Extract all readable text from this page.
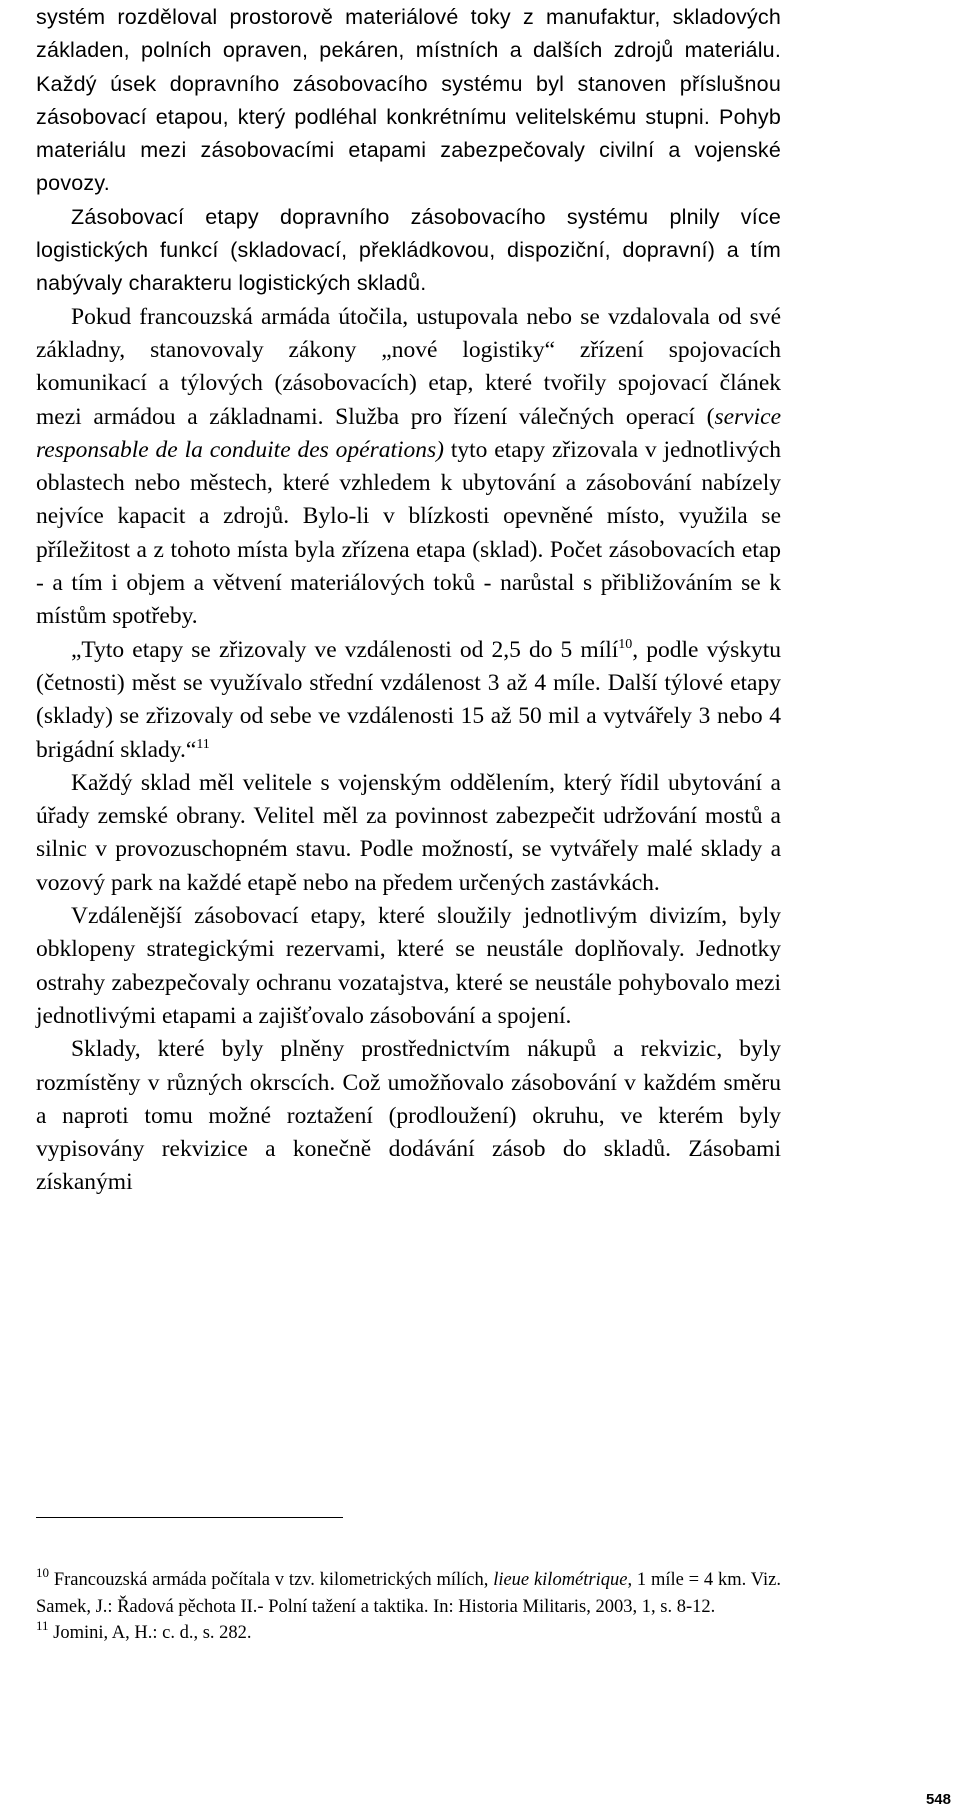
systém rozděloval prostorově materiálové toky z manufaktur, skladových základen, polních opraven, pekáren, místních a dalších zdrojů materiálu. Každý úsek dopravního zásobovacího systému byl stanoven příslušnou zásobovací etapou, který podléhal konkrétnímu velitelskému stupni. Pohyb materiálu mezi zásobovacími etapami zabezpečovaly civilní a vojenské povozy.

Zásobovací etapy dopravního zásobovacího systému plnily více logistických funkcí (skladovací, překládkovou, dispoziční, dopravní) a tím nabývaly charakteru logistických skladů.

Pokud francouzská armáda útočila, ustupovala nebo se vzdalovala od své základny, stanovovaly zákony „nové logistiky“ zřízení spojovacích komunikací a týlových (zásobovacích) etap, které tvořily spojovací článek mezi armádou a základnami. Služba pro řízení válečných operací (service responsable de la conduite des opérations) tyto etapy zřizovala v jednotlivých oblastech nebo městech, které vzhledem k ubytování a zásobování nabízely nejvíce kapacit a zdrojů. Bylo-li v blízkosti opevněné místo, využila se příležitost a z tohoto místa byla zřízena etapa (sklad). Počet zásobovacích etap - a tím i objem a větvení materiálových toků - narůstal s přibližováním se k místům spotřeby.

„Tyto etapy se zřizovaly ve vzdálenosti od 2,5 do 5 mílí$^{10}$, podle výskytu (četnosti) měst se využívalo střední vzdálenost 3 až 4 míle. Další týlové etapy (sklady) se zřizovaly od sebe ve vzdálenosti 15 až 50 mil a vytvářely 3 nebo 4 brigádní sklady.“$^{11}$

Každý sklad měl velitele s vojenským oddělením, který řídil ubytování a úřady zemské obrany. Velitel měl za povinnost zabezpečit udržování mostů a silnic v provozuschopném stavu. Podle možností, se vytvářely malé sklady a vozový park na každé etapě nebo na předem určených zastávkách.

Vzdálenější zásobovací etapy, které sloužily jednotlivým divizím, byly obklopeny strategickými rezervami, které se neustále doplňovaly. Jednotky ostrahy zabezpečovaly ochranu vozatajstva, které se neustále pohybovalo mezi jednotlivými etapami a zajišťovalo zásobování a spojení.

Sklady, které byly plněny prostřednictvím nákupů a rekvizic, byly rozmístěny v různých okrscích. Což umožňovalo zásobování v každém směru a naproti tomu možné roztažení (prodloužení) okruhu, ve kterém byly vypisovány rekvizice a konečně dodávání zásob do skladů. Zásobami získanými

$^{10}$ Francouzská armáda počítala v tzv. kilometrických mílích, lieue kilométrique, 1 míle = 4 km. Viz. Samek, J.: Řadová pěchota II.- Polní tažení a taktika. In: Historia Militaris, 2003, 1, s. 8-12.

$^{11}$ Jomini, A, H.: c. d., s. 282.

548
